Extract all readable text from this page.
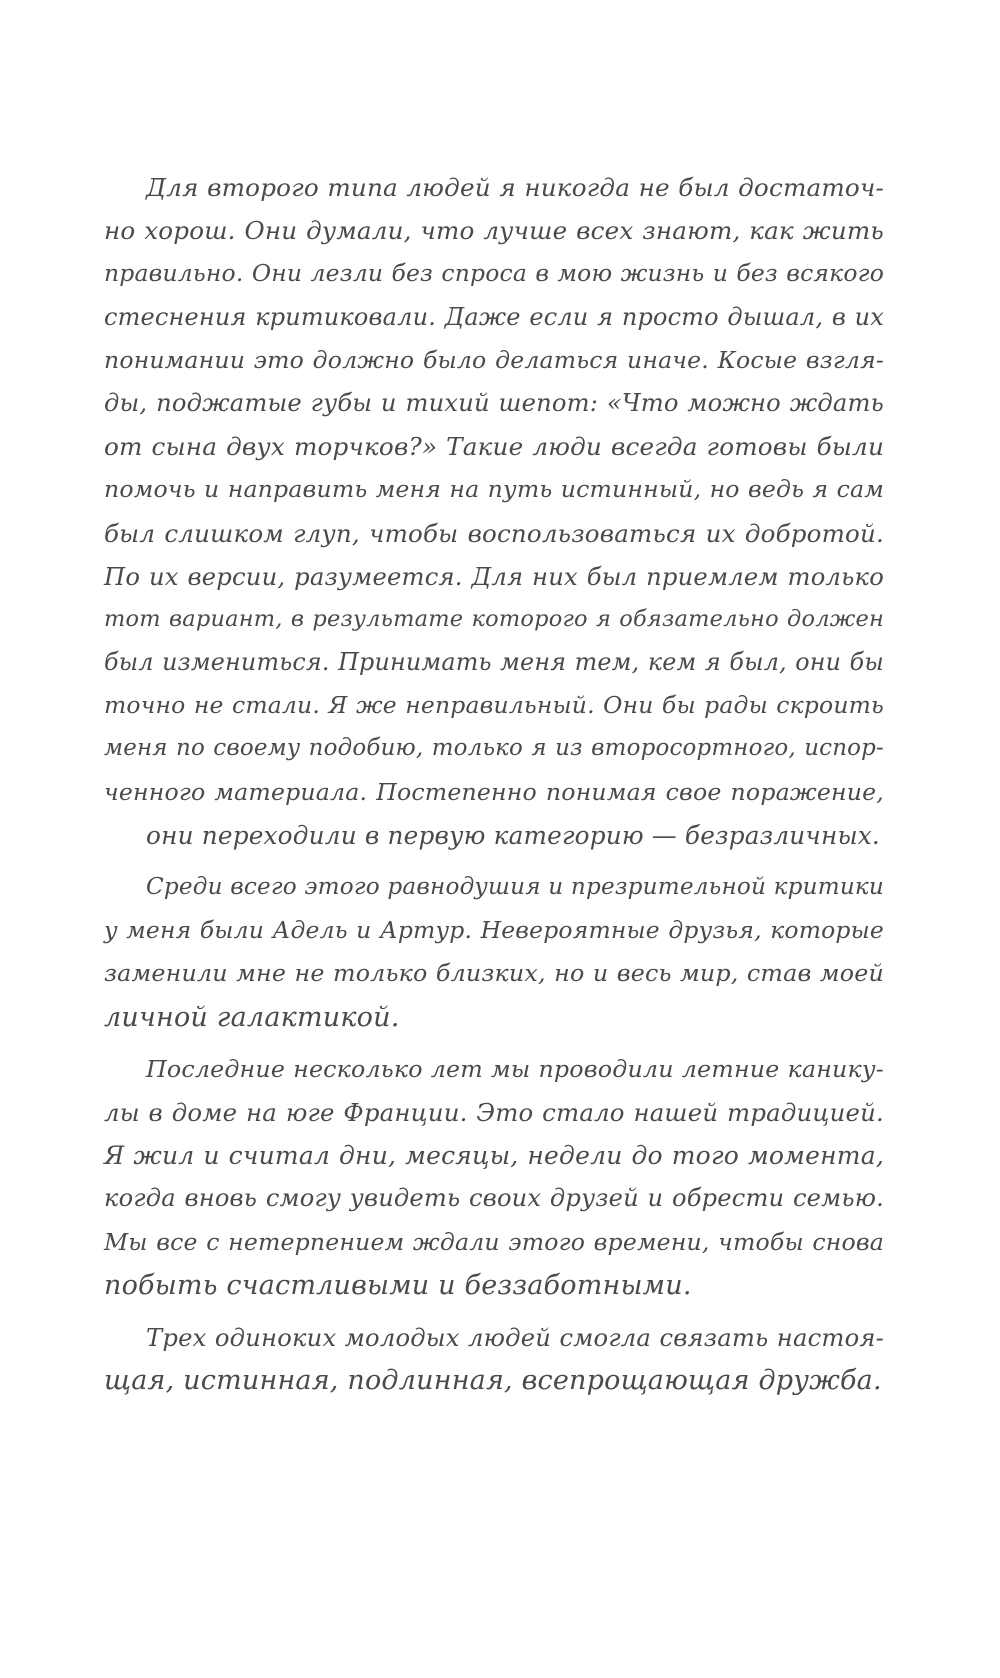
Для второго типа людей я никогда не был достаточ-
но хорош. Они думали, что лучше всех знают, как жить
правильно. Они лезли без спроса в мою жизнь и без всякого
стеснения критиковали. Даже если я просто дышал, в их
понимании это должно было делаться иначе. Косые взгля-
ды, поджатые губы и тихий шепот: «Что можно ждать
от сына двух торчков?» Такие люди всегда готовы были
помочь и направить меня на путь истинный, но ведь я сам
был слишком глуп, чтобы воспользоваться их добротой.
По их версии, разумеется. Для них был приемлем только
тот вариант, в результате которого я обязательно должен
был измениться. Принимать меня тем, кем я был, они бы
точно не стали. Я же неправильный. Они бы рады скроить
меня по своему подобию, только я из второсортного, испор-
ченного материала. Постепенно понимая свое поражение,
они переходили в первую категорию — безразличных.
Среди всего этого равнодушия и презрительной критики
у меня были Адель и Артур. Невероятные друзья, которые
заменили мне не только близких, но и весь мир, став моей
личной галактикой.
Последние несколько лет мы проводили летние канику-
лы в доме на юге Франции. Это стало нашей традицией.
Я жил и считал дни, месяцы, недели до того момента,
когда вновь смогу увидеть своих друзей и обрести семью.
Мы все с нетерпением ждали этого времени, чтобы снова
побыть счастливыми и беззаботными.
Трех одиноких молодых людей смогла связать настоя-
щая, истинная, подлинная, всепрощающая дружба.
